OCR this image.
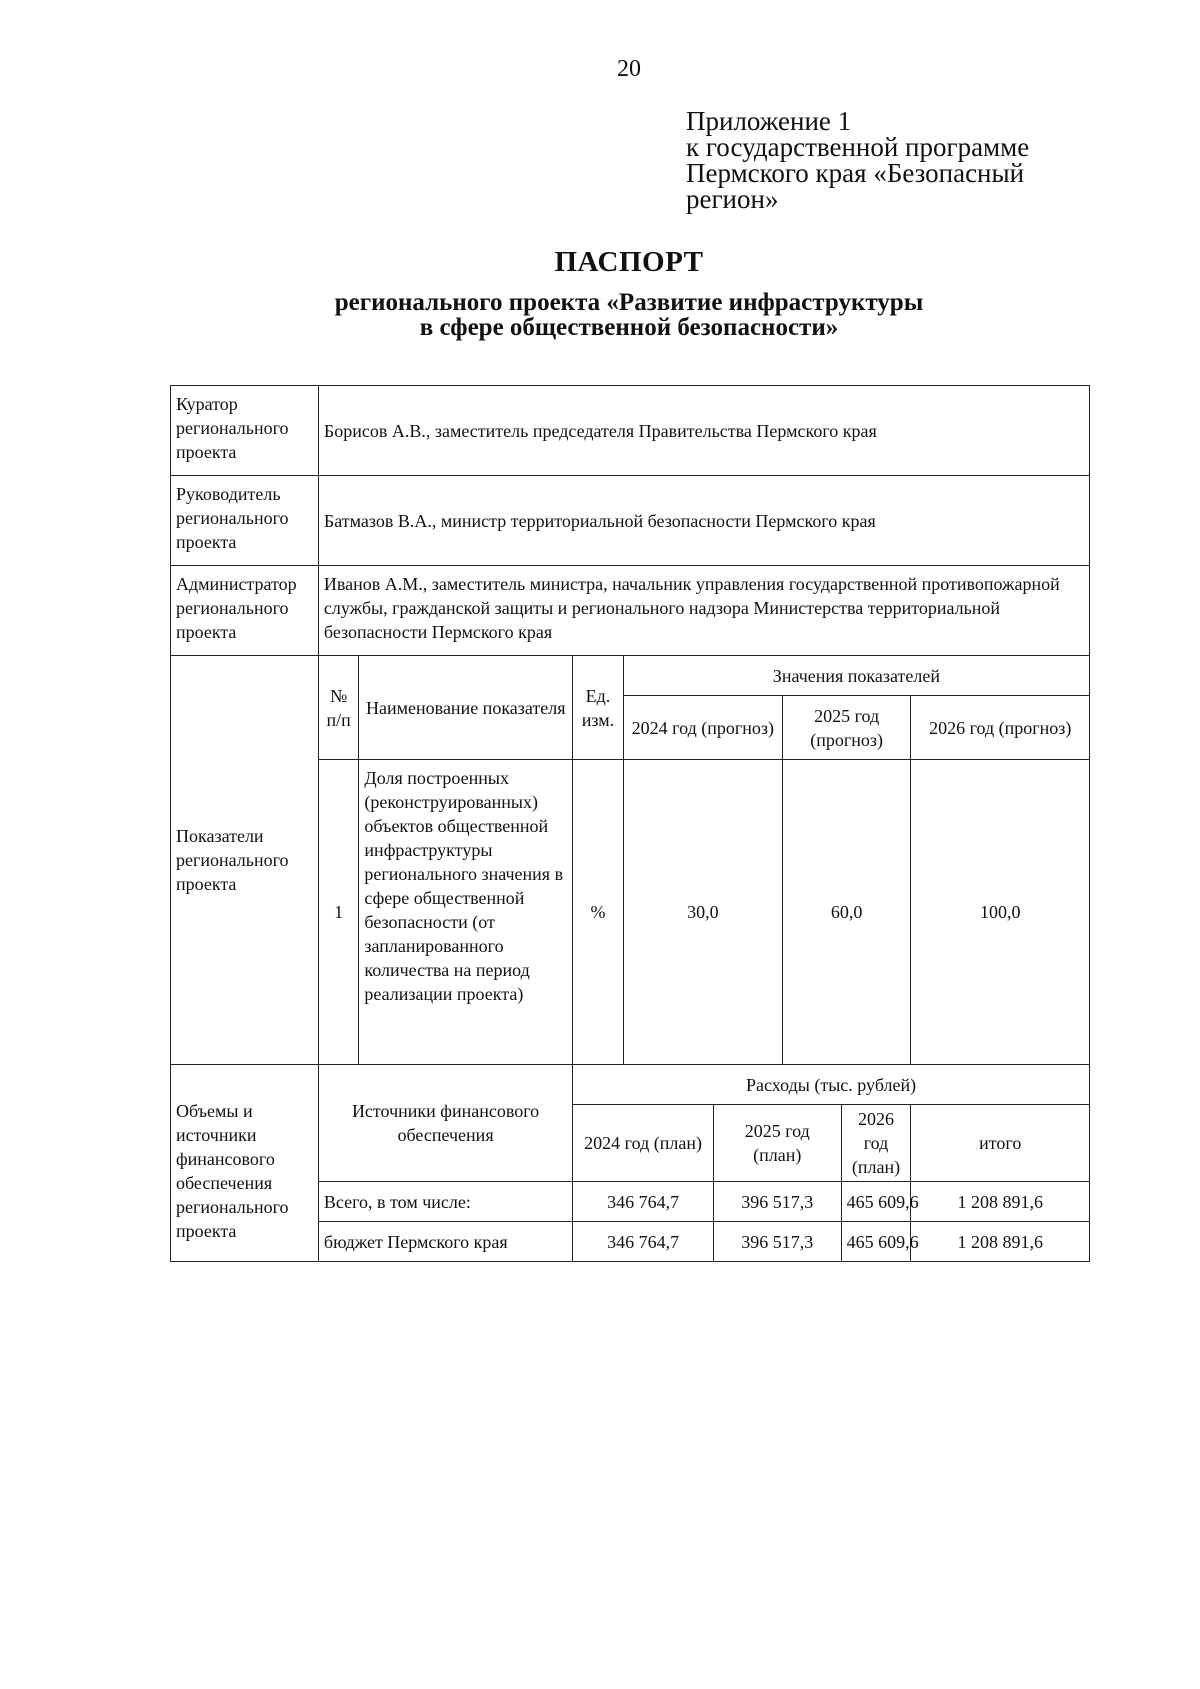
20
Приложение 1
к государственной программе
Пермского края «Безопасный
регион»
ПАСПОРТ
регионального проекта «Развитие инфраструктуры
в сфере общественной безопасности»
Куратор регионального проекта	Борисов А.В., заместитель председателя Правительства Пермского края							
Руководитель регионального проекта	Батмазов В.А., министр территориальной безопасности Пермского края							
Администратор регионального проекта	Иванов А.М., заместитель министра, начальник управления государственной противопожарной службы, гражданской защиты и регионального надзора Министерства территориальной безопасности Пермского края							
Показатели регионального проекта	№ п/п	Наименование показателя	Ед. изм.	Значения показателей				
				2024 год (прогноз)		2025 год (прогноз)		2026 год (прогноз)
	1	Доля построенных (реконструированных) объектов общественной инфраструктуры регионального значения в сфере общественной безопасности (от запланированного количества на период реализации проекта)	%	30,0		60,0		100,0
Объемы и источники финансового обеспечения регионального проекта	Источники финансового обеспечения		Расходы (тыс. рублей)					
			2024 год (план)		2025 год (план)		2026 год (план)	итого
	Всего, в том числе:		346 764,7		396 517,3		465 609,6	1 208 891,6
	бюджет Пермского края		346 764,7		396 517,3		465 609,6	1 208 891,6
